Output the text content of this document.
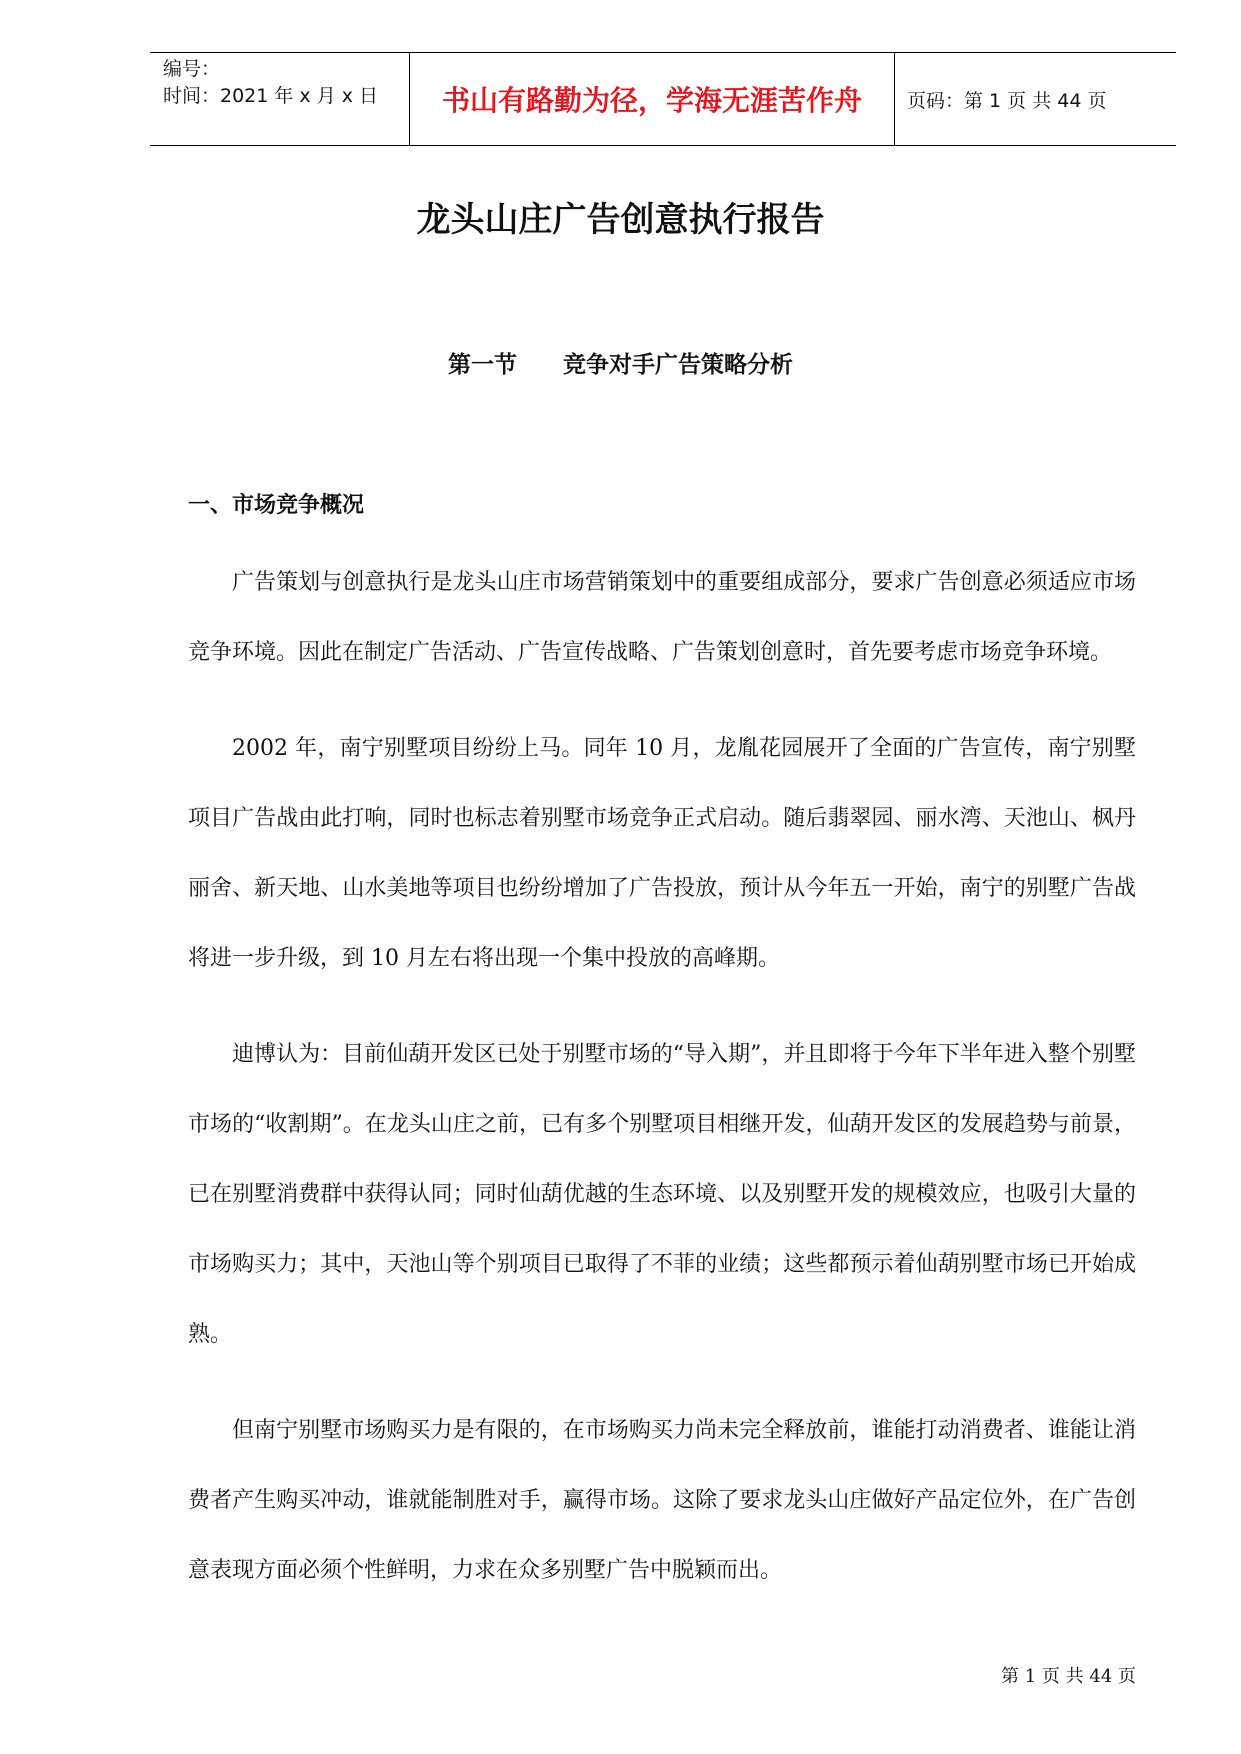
编号：
时间：2021 年 x 月 x 日	书山有路勤为径，学海无涯苦作舟	页码：第 1 页 共 44 页
龙头山庄广告创意执行报告
第一节　　竞争对手广告策略分析
一、市场竞争概况

广告策划与创意执行是龙头山庄市场营销策划中的重要组成部分，要求广告创意必须适应市场竞争环境。因此在制定广告活动、广告宣传战略、广告策划创意时，首先要考虑市场竞争环境。

2002 年，南宁别墅项目纷纷上马。同年 10 月，龙胤花园展开了全面的广告宣传，南宁别墅项目广告战由此打响，同时也标志着别墅市场竞争正式启动。随后翡翠园、丽水湾、天池山、枫丹丽舍、新天地、山水美地等项目也纷纷增加了广告投放，预计从今年五一开始，南宁的别墅广告战将进一步升级，到 10 月左右将出现一个集中投放的高峰期。

迪博认为：目前仙葫开发区已处于别墅市场的“导入期”，并且即将于今年下半年进入整个别墅市场的“收割期”。在龙头山庄之前，已有多个别墅项目相继开发，仙葫开发区的发展趋势与前景，已在别墅消费群中获得认同；同时仙葫优越的生态环境、以及别墅开发的规模效应，也吸引大量的市场购买力；其中，天池山等个别项目已取得了不菲的业绩；这些都预示着仙葫别墅市场已开始成熟。

但南宁别墅市场购买力是有限的，在市场购买力尚未完全释放前，谁能打动消费者、谁能让消费者产生购买冲动，谁就能制胜对手，赢得市场。这除了要求龙头山庄做好产品定位外，在广告创意表现方面必须个性鲜明，力求在众多别墅广告中脱颖而出。

第 1 页 共 44 页
